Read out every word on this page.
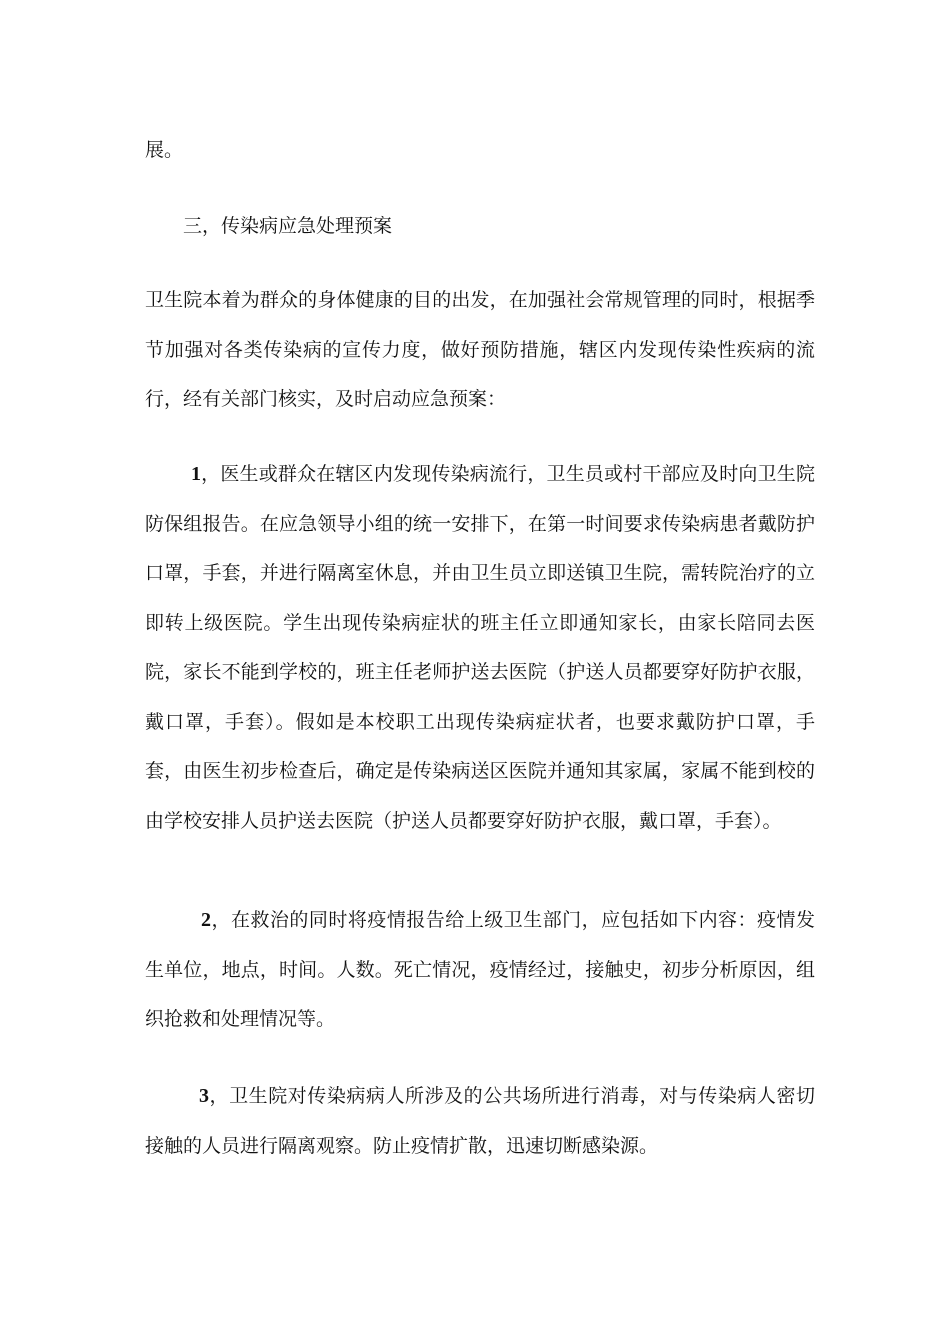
展。

三，传染病应急处理预案

卫生院本着为群众的身体健康的目的出发，在加强社会常规管理的同时，根据季节加强对各类传染病的宣传力度，做好预防措施，辖区内发现传染性疾病的流行，经有关部门核实，及时启动应急预案：

1，医生或群众在辖区内发现传染病流行，卫生员或村干部应及时向卫生院防保组报告。在应急领导小组的统一安排下，在第一时间要求传染病患者戴防护口罩，手套，并进行隔离室休息，并由卫生员立即送镇卫生院，需转院治疗的立即转上级医院。学生出现传染病症状的班主任立即通知家长，由家长陪同去医院，家长不能到学校的，班主任老师护送去医院（护送人员都要穿好防护衣服，戴口罩，手套）。假如是本校职工出现传染病症状者，也要求戴防护口罩，手套，由医生初步检查后，确定是传染病送区医院并通知其家属，家属不能到校的由学校安排人员护送去医院（护送人员都要穿好防护衣服，戴口罩，手套）。

2，在救治的同时将疫情报告给上级卫生部门，应包括如下内容：疫情发生单位，地点，时间。人数。死亡情况，疫情经过，接触史，初步分析原因，组织抢救和处理情况等。

3，卫生院对传染病病人所涉及的公共场所进行消毒，对与传染病人密切接触的人员进行隔离观察。防止疫情扩散，迅速切断感染源。
